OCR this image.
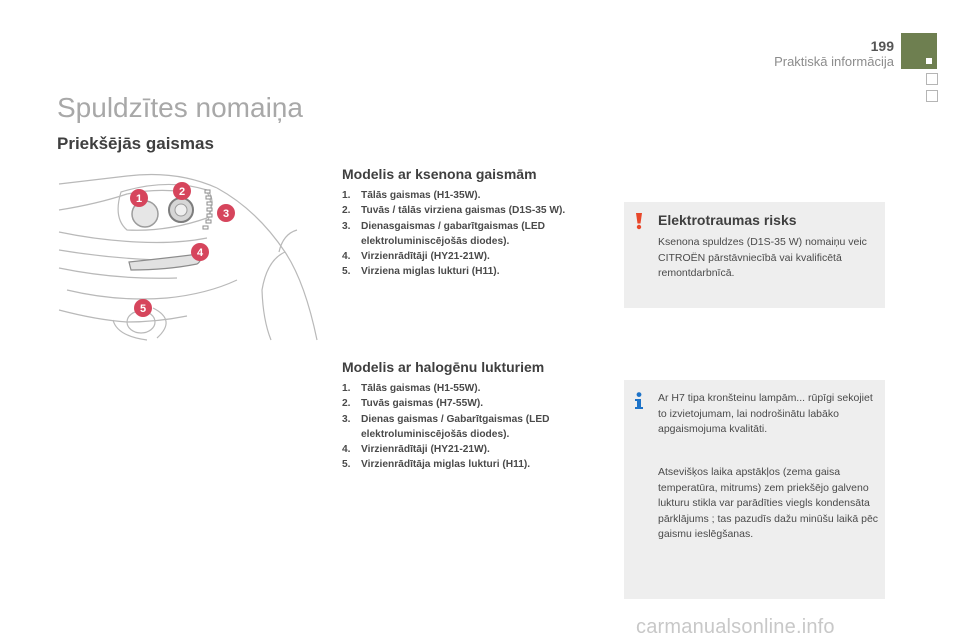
199
Praktiskā informācija
Spuldzītes nomaiņa
Priekšējās gaismas
1
2
3
4
5
Modelis ar ksenona gaismām
1.	Tālās gaismas (H1-35W).
2.	Tuvās / tālās virziena gaismas (D1S-35 W).
3.	Dienasgaismas / gabarītgaismas (LED elektroluminiscējošās diodes).
4.	Virzienrādītāji (HY21-21W).
5.	Virziena miglas lukturi (H11).
Modelis ar halogēnu lukturiem
1.	Tālās gaismas (H1-55W).
2.	Tuvās gaismas (H7-55W).
3.	Dienas gaismas / Gabarītgaismas (LED elektroluminiscējošās diodes).
4.	Virzienrādītāji (HY21-21W).
5.	Virzienrādītāja miglas lukturi (H11).
Elektrotraumas risks

Ksenona spuldzes (D1S-35 W) nomaiņu veic CITROËN pārstāvniecībā vai kvalificētā remontdarbnīcā.

Ar H7 tipa kronšteinu lampām... rūpīgi sekojiet to izvietojumam, lai nodrošinātu labāko apgaismojuma kvalitāti.

Atsevišķos laika apstākļos (zema gaisa temperatūra, mitrums) zem priekšējo galveno lukturu stikla var parādīties viegls kondensāta pārklājums ; tas pazudīs dažu minūšu laikā pēc gaismu ieslēgšanas.

carmanualsonline.info
